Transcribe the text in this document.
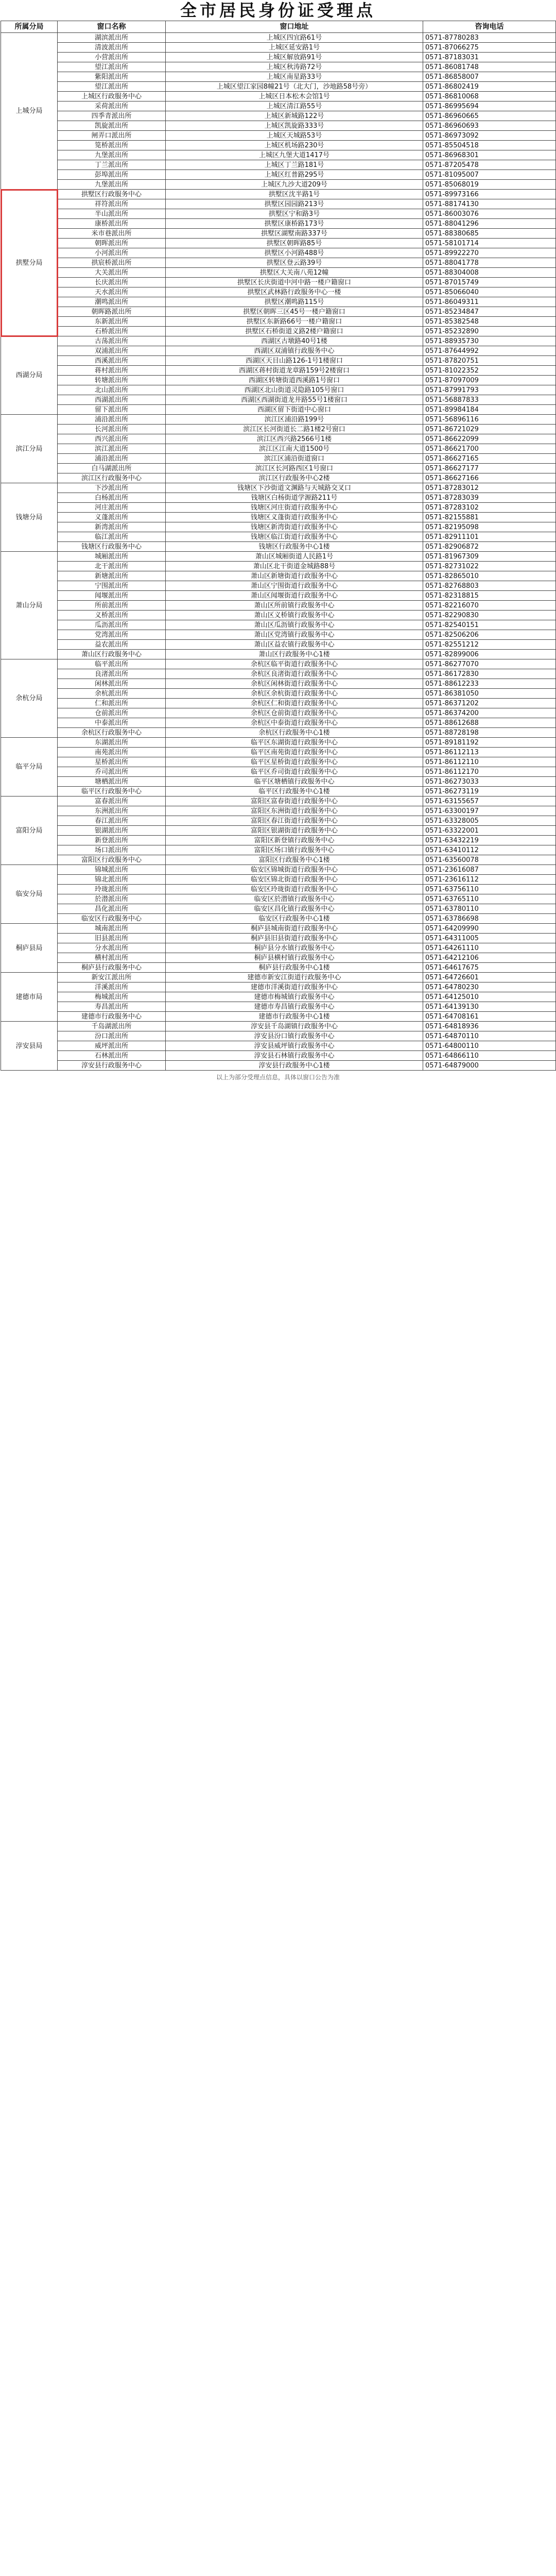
全市居民身份证受理点
所属分局	窗口名称	窗口地址	咨询电话
上城分局	湖滨派出所	上城区四宜路61号	0571-87780283
	清波派出所	上城区延安路1号	0571-87066275
	小营派出所	上城区解放路91号	0571-87183031
	望江派出所	上城区秋涛路72号	0571-86081748
	紫阳派出所	上城区南星路33号	0571-86858007
	望江派出所	上城区望江家园8幢21号（北大门，沙地路58号旁）	0571-86802419
	上城区行政服务中心	上城区日本松木会馆1号	0571-86810068
	采荷派出所	上城区清江路55号	0571-86995694
	四季青派出所	上城区新城路122号	0571-86960665
	凯旋派出所	上城区凯旋路333号	0571-86960693
	闸弄口派出所	上城区天城路53号	0571-86973092
	笕桥派出所	上城区机场路230号	0571-85504518
	九堡派出所	上城区九堡大道1417号	0571-86968301
	丁兰派出所	上城区丁兰路181号	0571-87205478
	彭埠派出所	上城区红普路295号	0571-81095007
	九堡派出所	上城区九沙大道209号	0571-85068019
拱墅分局	拱墅区行政服务中心	拱墅区沈半路1号	0571-89973166
	祥符派出所	拱墅区园园路213号	0571-88174130
	半山派出所	拱墅区宁和路3号	0571-86003076
	康桥派出所	拱墅区康桥路173号	0571-88041296
	米市巷派出所	拱墅区湖墅南路337号	0571-88380685
	朝晖派出所	拱墅区朝晖路85号	0571-58101714
	小河派出所	拱墅区小河路488号	0571-89922270
	拱宸桥派出所	拱墅区登云路39号	0571-88041778
	大关派出所	拱墅区大关南八苑12幢	0571-88304008
	长庆派出所	拱墅区长庆街道中河中路一楼户籍窗口	0571-87015749
	天水派出所	拱墅区武林路行政服务中心一楼	0571-85066040
	潮鸣派出所	拱墅区潮鸣路115号	0571-86049311
	朝晖路派出所	拱墅区朝晖三区45号一楼户籍窗口	0571-85234847
	东新派出所	拱墅区东新路66号一楼户籍窗口	0571-85382548
	石桥派出所	拱墅区石桥街道义路2楼户籍窗口	0571-85232890
西湖分局	古荡派出所	西湖区古墩路40号1楼	0571-88935730
	双浦派出所	西湖区双浦镇行政服务中心	0571-87644992
	西溪派出所	西湖区天目山路126-1号1楼窗口	0571-87820751
	蒋村派出所	西湖区蒋村街道龙章路159号2楼窗口	0571-81022352
	转塘派出所	西湖区转塘街道西溪路1号窗口	0571-87097009
	北山派出所	西湖区北山街道灵隐路105号窗口	0571-87991793
	西湖派出所	西湖区西湖街道龙井路55号1楼窗口	0571-56887833
	留下派出所	西湖区留下街道中心窗口	0571-89984184
滨江分局	浦沿派出所	滨江区浦沿路199号	0571-56896116
	长河派出所	滨江区长河街道长二路1楼2号窗口	0571-86721029
	西兴派出所	滨江区西兴路2566号1楼	0571-86622099
	滨江派出所	滨江区江南大道1500号	0571-86621700
	浦沿派出所	滨江区浦沿街道窗口	0571-86627165
	白马湖派出所	滨江区长河路西区1号窗口	0571-86627177
	滨江区行政服务中心	滨江区行政服务中心2楼	0571-86627166
钱塘分局	下沙派出所	钱塘区下沙街道文渊路与天城路交叉口	0571-87283012
	白杨派出所	钱塘区白杨街道学源路211号	0571-87283039
	河庄派出所	钱塘区河庄街道行政服务中心	0571-87283102
	义蓬派出所	钱塘区义蓬街道行政服务中心	0571-82155881
	新湾派出所	钱塘区新湾街道行政服务中心	0571-82195098
	临江派出所	钱塘区临江街道行政服务中心	0571-82911101
	钱塘区行政服务中心	钱塘区行政服务中心1楼	0571-82906872
萧山分局	城厢派出所	萧山区城厢街道人民路1号	0571-81967309
	北干派出所	萧山区北干街道金城路88号	0571-82731022
	新塘派出所	萧山区新塘街道行政服务中心	0571-82865010
	宁围派出所	萧山区宁围街道行政服务中心	0571-82768803
	闻堰派出所	萧山区闻堰街道行政服务中心	0571-82318815
	所前派出所	萧山区所前镇行政服务中心	0571-82216070
	义桥派出所	萧山区义桥镇行政服务中心	0571-82290830
	瓜沥派出所	萧山区瓜沥镇行政服务中心	0571-82540151
	党湾派出所	萧山区党湾镇行政服务中心	0571-82506206
	益农派出所	萧山区益农镇行政服务中心	0571-82551212
	萧山区行政服务中心	萧山区行政服务中心1楼	0571-82899006
余杭分局	临平派出所	余杭区临平街道行政服务中心	0571-86277070
	良渚派出所	余杭区良渚街道行政服务中心	0571-86172830
	闲林派出所	余杭区闲林街道行政服务中心	0571-88612233
	余杭派出所	余杭区余杭街道行政服务中心	0571-86381050
	仁和派出所	余杭区仁和街道行政服务中心	0571-86371202
	仓前派出所	余杭区仓前街道行政服务中心	0571-86374200
	中泰派出所	余杭区中泰街道行政服务中心	0571-88612688
	余杭区行政服务中心	余杭区行政服务中心1楼	0571-88728198
临平分局	东湖派出所	临平区东湖街道行政服务中心	0571-89181192
	南苑派出所	临平区南苑街道行政服务中心	0571-86112113
	星桥派出所	临平区星桥街道行政服务中心	0571-86112110
	乔司派出所	临平区乔司街道行政服务中心	0571-86112170
	塘栖派出所	临平区塘栖镇行政服务中心	0571-86273033
	临平区行政服务中心	临平区行政服务中心1楼	0571-86273119
富阳分局	富春派出所	富阳区富春街道行政服务中心	0571-63155657
	东洲派出所	富阳区东洲街道行政服务中心	0571-63300197
	春江派出所	富阳区春江街道行政服务中心	0571-63328005
	银湖派出所	富阳区银湖街道行政服务中心	0571-63322001
	新登派出所	富阳区新登镇行政服务中心	0571-63432219
	场口派出所	富阳区场口镇行政服务中心	0571-63410112
	富阳区行政服务中心	富阳区行政服务中心1楼	0571-63560078
临安分局	锦城派出所	临安区锦城街道行政服务中心	0571-23616087
	锦北派出所	临安区锦北街道行政服务中心	0571-23616112
	玲珑派出所	临安区玲珑街道行政服务中心	0571-63756110
	於潜派出所	临安区於潜镇行政服务中心	0571-63765110
	昌化派出所	临安区昌化镇行政服务中心	0571-63780110
	临安区行政服务中心	临安区行政服务中心1楼	0571-63786698
桐庐县局	城南派出所	桐庐县城南街道行政服务中心	0571-64209990
	旧县派出所	桐庐县旧县街道行政服务中心	0571-64311005
	分水派出所	桐庐县分水镇行政服务中心	0571-64261110
	横村派出所	桐庐县横村镇行政服务中心	0571-64212106
	桐庐县行政服务中心	桐庐县行政服务中心1楼	0571-64617675
建德市局	新安江派出所	建德市新安江街道行政服务中心	0571-64726601
	洋溪派出所	建德市洋溪街道行政服务中心	0571-64780230
	梅城派出所	建德市梅城镇行政服务中心	0571-64125010
	寿昌派出所	建德市寿昌镇行政服务中心	0571-64139130
	建德市行政服务中心	建德市行政服务中心1楼	0571-64708161
淳安县局	千岛湖派出所	淳安县千岛湖镇行政服务中心	0571-64818936
	汾口派出所	淳安县汾口镇行政服务中心	0571-64870110
	威坪派出所	淳安县威坪镇行政服务中心	0571-64800110
	石林派出所	淳安县石林镇行政服务中心	0571-64866110
	淳安县行政服务中心	淳安县行政服务中心1楼	0571-64879000
以上为部分受理点信息，具体以窗口公告为准
